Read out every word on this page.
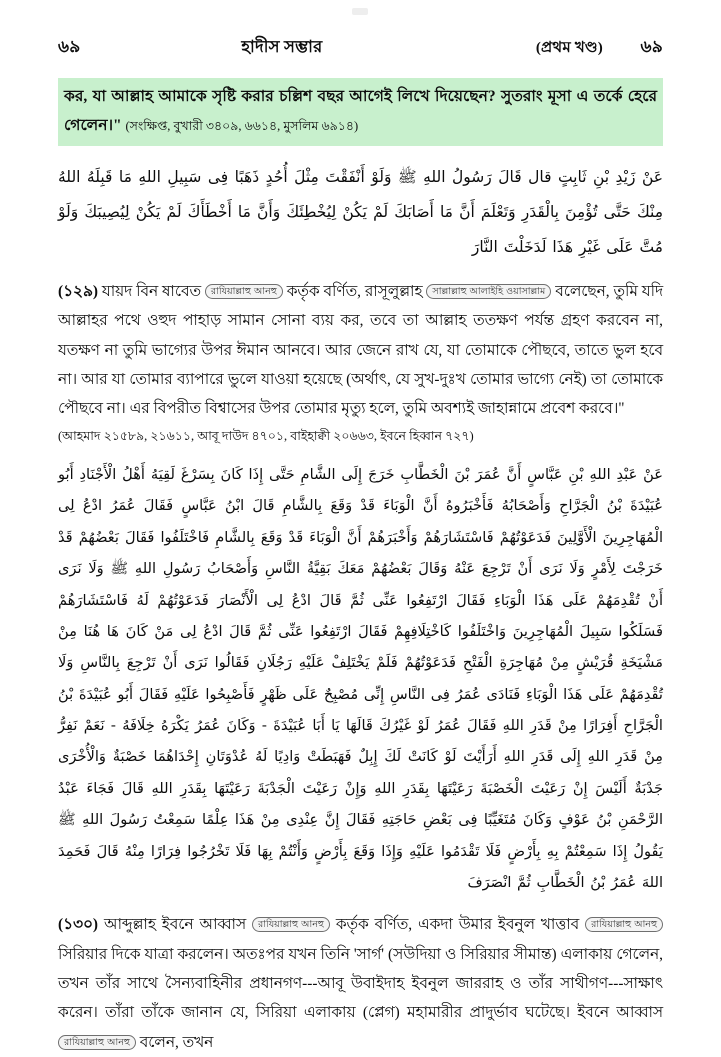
৬৯	হাদীস সম্ভার	(প্রথম খণ্ড)	৬৯
কর, যা আল্লাহ আমাকে সৃষ্টি করার চল্লিশ বছর আগেই লিখে দিয়েছেন? সুতরাং মূসা এ তর্কে হেরে গেলেন।" (সংক্ষিপ্ত, বুখারী ৩৪০৯, ৬৬১৪, মুসলিম ৬৯১৪)
عَنْ زَيْدِ بْنِ ثَابِتٍ قال قَالَ رَسُولُ اللهِ ﷺ وَلَوْ أَنْفَقْتَ مِثْلَ أُحُدٍ ذَهَبًا فِى سَبِيلِ اللهِ مَا قَبِلَهُ اللهُ مِنْكَ حَتَّى تُؤْمِنَ بِالْقَدَرِ وَتَعْلَمَ أَنَّ مَا أَصَابَكَ لَمْ يَكُنْ لِيُخْطِئَكَ وَأَنَّ مَا أَخْطَأَكَ لَمْ يَكُنْ لِيُصِيبَكَ وَلَوْ مُتَّ عَلَى غَيْرِ هَذَا لَدَخَلْتَ النَّارَ
(১২৯) যায়দ বিন ষাবেত রাযিয়াল্লাহু আনহু কর্তৃক বর্ণিত, রাসূলুল্লাহ সাল্লাল্লাহু আলাইহি ওয়াসাল্লাম বলেছেন, তুমি যদি আল্লাহর পথে ওহুদ পাহাড় সামান সোনা ব্যয় কর, তবে তা আল্লাহ ততক্ষণ পর্যন্ত গ্রহণ করবেন না, যতক্ষণ না তুমি ভাগ্যের উপর ঈমান আনবে। আর জেনে রাখ যে, যা তোমাকে পৌছবে, তাতে ভুল হবে না। আর যা তোমার ব্যাপারে ভুলে যাওয়া হয়েছে (অর্থাৎ, যে সুখ-দুঃখ তোমার ভাগ্যে নেই) তা তোমাকে পৌছবে না। এর বিপরীত বিশ্বাসের উপর তোমার মৃত্যু হলে, তুমি অবশ্যই জাহান্নামে প্রবেশ করবে।"
(আহমাদ ২১৫৮৯, ২১৬১১, আবূ দাউদ ৪৭০১, বাইহাক্বী ২০৬৬৩, ইবনে হিব্বান ৭২৭)
عَنْ عَبْدِ اللهِ بْنِ عَبَّاسٍ أَنَّ عُمَرَ بْنَ الْخَطَّابِ خَرَجَ إِلَى الشَّامِ حَتَّى إِذَا كَانَ بِسَرْغَ لَقِيَهُ أَهْلُ الْأَجْنَادِ أَبُو عُبَيْدَةَ بْنُ الْجَرَّاحِ وَأَصْحَابُهُ فَأَخْبَرُوهُ أَنَّ الْوَبَاءَ قَدْ وَقَعَ بِالشَّامِ قَالَ ابْنُ عَبَّاسٍ فَقَالَ عُمَرُ ادْعُ لِى الْمُهَاجِرِينَ الْأَوَّلِينَ فَدَعَوْتُهُمْ فَاسْتَشَارَهُمْ وَأَخْبَرَهُمْ أَنَّ الْوَبَاءَ قَدْ وَقَعَ بِالشَّامِ فَاخْتَلَفُوا فَقَالَ بَعْضُهُمْ قَدْ خَرَجْتَ لِأَمْرٍ وَلَا نَرَى أَنْ تَرْجِعَ عَنْهُ وَقَالَ بَعْضُهُمْ مَعَكَ بَقِيَّةُ النَّاسِ وَأَصْحَابُ رَسُولِ اللهِ ﷺ وَلَا نَرَى أَنْ تُقْدِمَهُمْ عَلَى هَذَا الْوَبَاءِ فَقَالَ ارْتَفِعُوا عَنِّى ثُمَّ قَالَ ادْعُ لِى الْأَنْصَارَ فَدَعَوْتُهُمْ لَهُ فَاسْتَشَارَهُمْ فَسَلَكُوا سَبِيلَ الْمُهَاجِرِينَ وَاخْتَلَفُوا كَاخْتِلَافِهِمْ فَقَالَ ارْتَفِعُوا عَنِّى ثُمَّ قَالَ ادْعُ لِى مَنْ كَانَ هَا هُنَا مِنْ مَشْيَخَةِ قُرَيْشٍ مِنْ مُهَاجِرَةِ الْفَتْحِ فَدَعَوْتُهُمْ فَلَمْ يَخْتَلِفْ عَلَيْهِ رَجُلَانِ فَقَالُوا نَرَى أَنْ تَرْجِعَ بِالنَّاسِ وَلَا تُقْدِمَهُمْ عَلَى هَذَا الْوَبَاءِ فَنَادَى عُمَرُ فِى النَّاسِ إِنِّى مُصْبِحٌ عَلَى ظَهْرٍ فَأَصْبِحُوا عَلَيْهِ فَقَالَ أَبُو عُبَيْدَةَ بْنُ الْجَرَّاحِ أَفِرَارًا مِنْ قَدَرِ اللهِ فَقَالَ عُمَرُ لَوْ غَيْرُكَ قَالَهَا يَا أَبَا عُبَيْدَةَ - وَكَانَ عُمَرُ يَكْرَهُ خِلَافَهُ - نَعَمْ نَفِرُّ مِنْ قَدَرِ اللهِ إِلَى قَدَرِ اللهِ أَرَأَيْتَ لَوْ كَانَتْ لَكَ إِبِلٌ فَهَبَطَتْ وَادِيًا لَهُ عُدْوَتَانِ إِحْدَاهُمَا خَصْبَةٌ وَالْأُخْرَى جَدْبَةٌ أَلَيْسَ إِنْ رَعَيْتَ الْخَصْبَةَ رَعَيْتَهَا بِقَدَرِ اللهِ وَإِنْ رَعَيْتَ الْجَدْبَةَ رَعَيْتَهَا بِقَدَرِ اللهِ قَالَ فَجَاءَ عَبْدُ الرَّحْمَنِ بْنُ عَوْفٍ وَكَانَ مُتَغَيِّبًا فِى بَعْضِ حَاجَتِهِ فَقَالَ إِنَّ عِنْدِى مِنْ هَذَا عِلْمًا سَمِعْتُ رَسُولَ اللهِ ﷺ يَقُولُ إِذَا سَمِعْتُمْ بِهِ بِأَرْضٍ فَلَا تَقْدَمُوا عَلَيْهِ وَإِذَا وَقَعَ بِأَرْضٍ وَأَنْتُمْ بِهَا فَلَا تَخْرُجُوا فِرَارًا مِنْهُ قَالَ فَحَمِدَ اللهَ عُمَرُ بْنُ الْخَطَّابِ ثُمَّ انْصَرَفَ
(১৩০) আব্দুল্লাহ ইবনে আব্বাস রাযিয়াল্লাহু আনহু কর্তৃক বর্ণিত, একদা উমার ইবনুল খাত্তাব রাযিয়াল্লাহু আনহু সিরিয়ার দিকে যাত্রা করলেন। অতঃপর যখন তিনি 'সার্গ' (সউদিয়া ও সিরিয়ার সীমান্ত) এলাকায় গেলেন, তখন তাঁর সাথে সৈন্যবাহিনীর প্রধানগণ---আবূ উবাইদাহ ইবনুল জাররাহ ও তাঁর সাথীগণ---সাক্ষাৎ করেন। তাঁরা তাঁকে জানান যে, সিরিয়া এলাকায় (প্লেগ) মহামারীর প্রাদুর্ভাব ঘটেছে। ইবনে আব্বাস রাযিয়াল্লাহু আনহু বলেন, তখন
